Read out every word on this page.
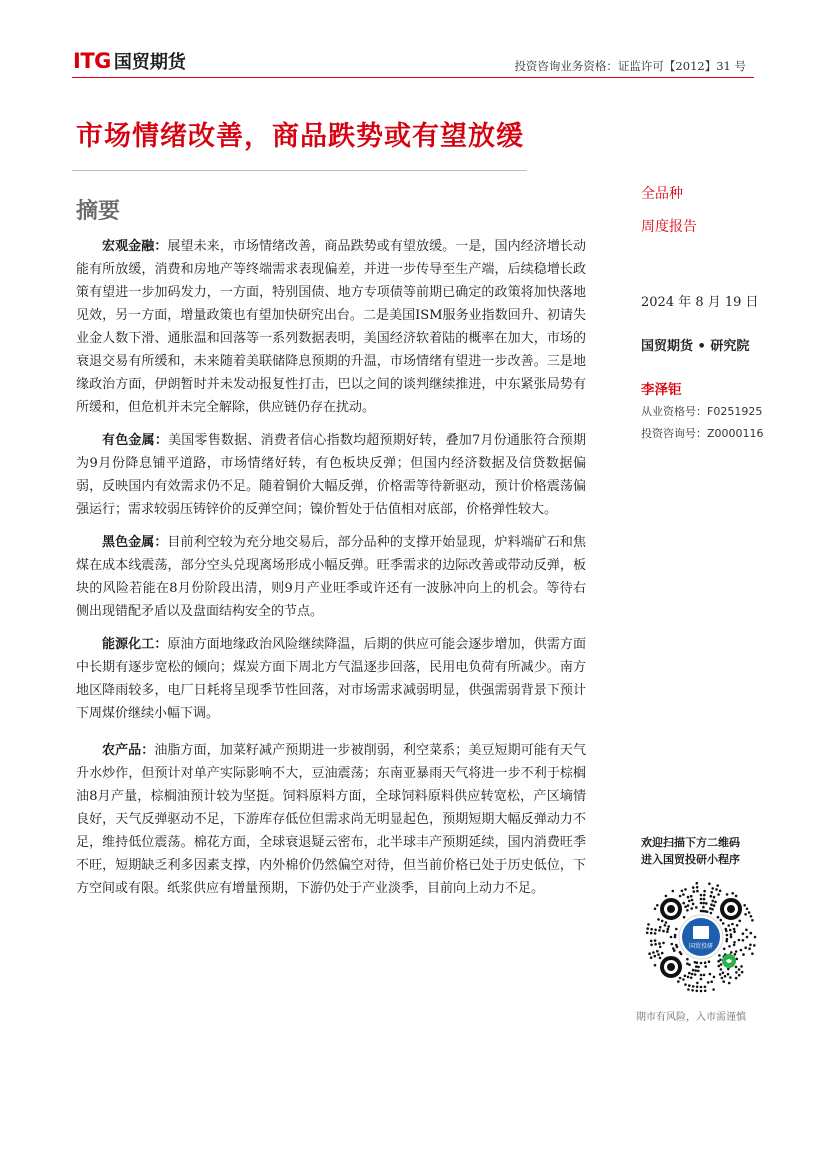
ITG 国贸期货	投资咨询业务资格：证监许可【2012】31 号
市场情绪改善，商品跌势或有望放缓
摘要

宏观金融：展望未来，市场情绪改善，商品跌势或有望放缓。一是，国内经济增长动能有所放缓，消费和房地产等终端需求表现偏差，并进一步传导至生产端，后续稳增长政策有望进一步加码发力，一方面，特别国债、地方专项债等前期已确定的政策将加快落地见效，另一方面，增量政策也有望加快研究出台。二是美国ISM服务业指数回升、初请失业金人数下滑、通胀温和回落等一系列数据表明，美国经济软着陆的概率在加大，市场的衰退交易有所缓和，未来随着美联储降息预期的升温，市场情绪有望进一步改善。三是地缘政治方面，伊朗暂时并未发动报复性打击，巴以之间的谈判继续推进，中东紧张局势有所缓和，但危机并未完全解除，供应链仍存在扰动。

有色金属：美国零售数据、消费者信心指数均超预期好转，叠加7月份通胀符合预期为9月份降息铺平道路，市场情绪好转，有色板块反弹；但国内经济数据及信贷数据偏弱，反映国内有效需求仍不足。随着铜价大幅反弹，价格需等待新驱动，预计价格震荡偏强运行；需求较弱压铸锌价的反弹空间；镍价暂处于估值相对底部，价格弹性较大。

黑色金属：目前利空较为充分地交易后，部分品种的支撑开始显现，炉料端矿石和焦煤在成本线震荡，部分空头兑现离场形成小幅反弹。旺季需求的边际改善或带动反弹，板块的风险若能在8月份阶段出清，则9月产业旺季或许还有一波脉冲向上的机会。等待右侧出现错配矛盾以及盘面结构安全的节点。

能源化工：原油方面地缘政治风险继续降温，后期的供应可能会逐步增加，供需方面中长期有逐步宽松的倾向；煤炭方面下周北方气温逐步回落，民用电负荷有所减少。南方地区降雨较多，电厂日耗将呈现季节性回落，对市场需求减弱明显，供强需弱背景下预计下周煤价继续小幅下调。

农产品：油脂方面，加菜籽减产预期进一步被削弱，利空菜系；美豆短期可能有天气升水炒作，但预计对单产实际影响不大，豆油震荡；东南亚暴雨天气将进一步不利于棕榈油8月产量，棕榈油预计较为坚挺。饲料原料方面，全球饲料原料供应转宽松，产区墒情良好，天气反弹驱动不足，下游库存低位但需求尚无明显起色，预期短期大幅反弹动力不足，维持低位震荡。棉花方面，全球衰退疑云密布，北半球丰产预期延续，国内消费旺季不旺，短期缺乏利多因素支撑，内外棉价仍然偏空对待，但当前价格已处于历史低位，下方空间或有限。纸浆供应有增量预期，下游仍处于产业淡季，目前向上动力不足。

全品种
周度报告
2024 年 8 月 19 日
国贸期货 • 研究院
李泽钜
从业资格号：F0251925
投资咨询号：Z0000116
欢迎扫描下方二维码
进入国贸投研小程序
国贸投研
期市有风险，入市需谨慎
